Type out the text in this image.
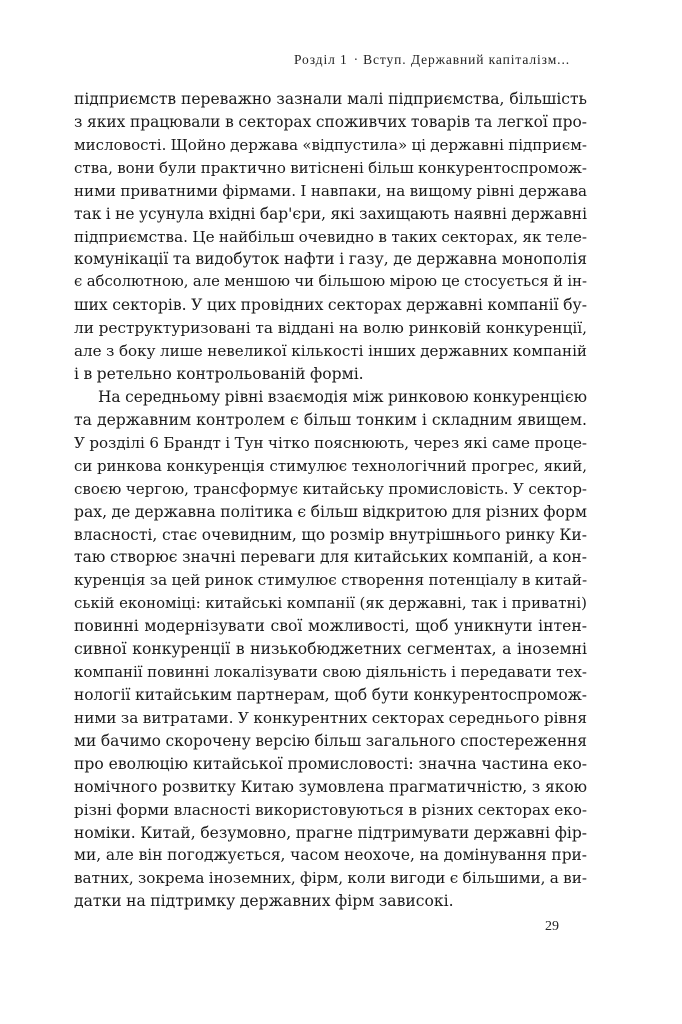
Розділ 1 · Вступ. Державний капіталізм...
підприємств переважно зазнали малі підприємства, більшість
з яких працювали в секторах споживчих товарів та легкої про-
мисловості. Щойно держава «відпустила» ці державні підприєм-
ства, вони були практично витіснені більш конкурентоспромож-
ними приватними фірмами. І навпаки, на вищому рівні держава
так і не усунула вхідні бар'єри, які захищають наявні державні
підприємства. Це найбільш очевидно в таких секторах, як теле-
комунікації та видобуток нафти і газу, де державна монополія
є абсолютною, але меншою чи більшою мірою це стосується й ін-
ших секторів. У цих провідних секторах державні компанії бу-
ли реструктуризовані та віддані на волю ринковій конкуренції,
але з боку лише невеликої кількості інших державних компаній
і в ретельно контрольованій формі.
На середньому рівні взаємодія між ринковою конкуренцією
та державним контролем є більш тонким і складним явищем.
У розділі 6 Брандт і Тун чітко пояснюють, через які саме проце-
си ринкова конкуренція стимулює технологічний прогрес, який,
своєю чергою, трансформує китайську промисловість. У сектор-
рах, де державна політика є більш відкритою для різних форм
власності, стає очевидним, що розмір внутрішнього ринку Ки-
таю створює значні переваги для китайських компаній, а кон-
куренція за цей ринок стимулює створення потенціалу в китай-
ській економіці: китайські компанії (як державні, так і приватні)
повинні модернізувати свої можливості, щоб уникнути інтен-
сивної конкуренції в низькобюджетних сегментах, а іноземні
компанії повинні локалізувати свою діяльність і передавати тех-
нології китайським партнерам, щоб бути конкурентоспромож-
ними за витратами. У конкурентних секторах середнього рівня
ми бачимо скорочену версію більш загального спостереження
про еволюцію китайської промисловості: значна частина еко-
номічного розвитку Китаю зумовлена прагматичністю, з якою
різні форми власності використовуються в різних секторах еко-
номіки. Китай, безумовно, прагне підтримувати державні фір-
ми, але він погоджується, часом неохоче, на домінування при-
ватних, зокрема іноземних, фірм, коли вигоди є більшими, а ви-
датки на підтримку державних фірм зависокі.
29
